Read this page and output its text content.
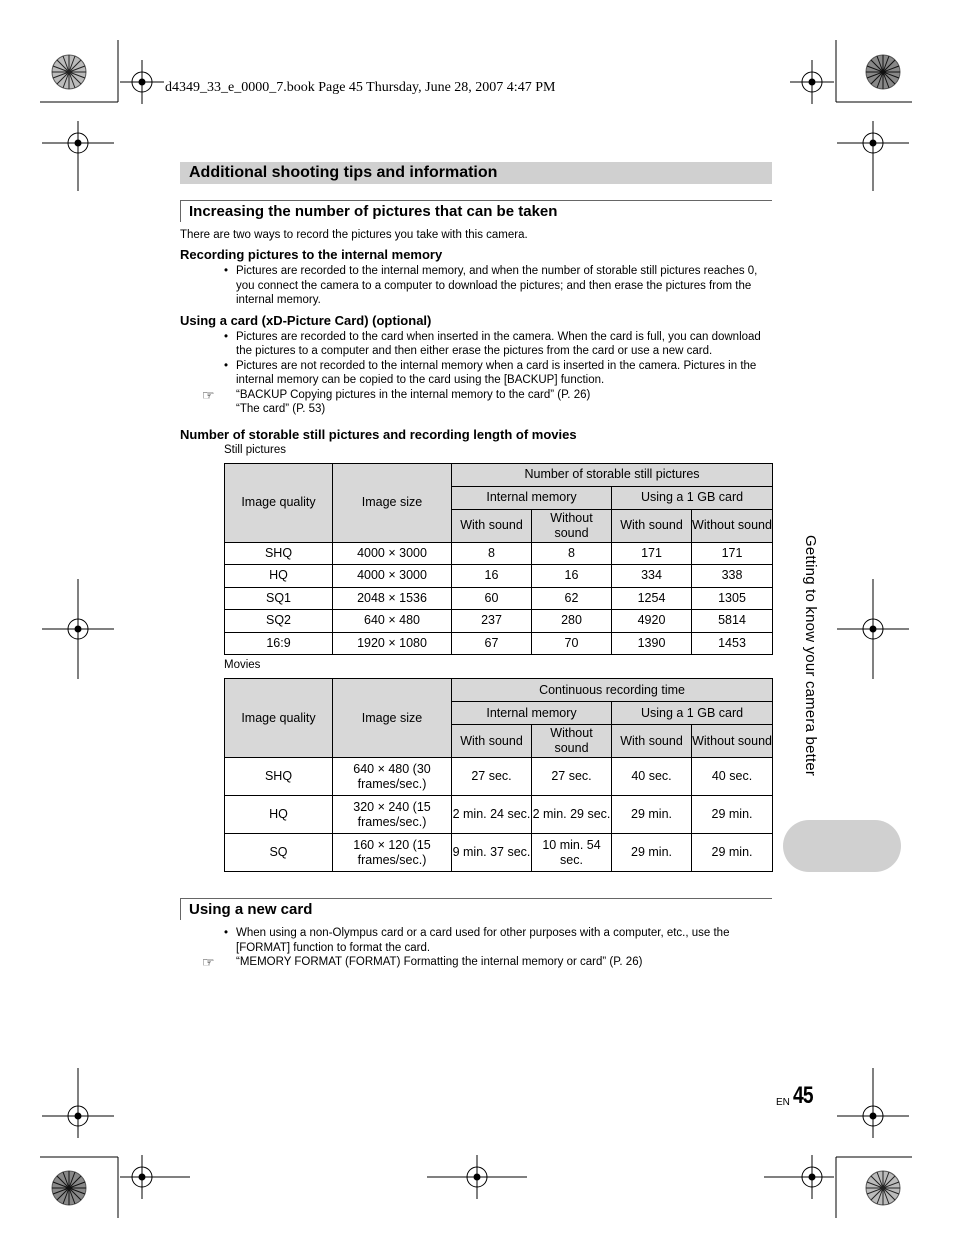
d4349_33_e_0000_7.book Page 45 Thursday, June 28, 2007 4:47 PM
Additional shooting tips and information
Increasing the number of pictures that can be taken

There are two ways to record the pictures you take with this camera.

Recording pictures to the internal memory
• Pictures are recorded to the internal memory, and when the number of storable still pictures reaches 0, you connect the camera to a computer to download the pictures; and then erase the pictures from the internal memory.
Using a card (xD-Picture Card) (optional)
• Pictures are recorded to the card when inserted in the camera. When the card is full, you can download the pictures to a computer and then either erase the pictures from the card or use a new card.
• Pictures are not recorded to the internal memory when a card is inserted in the camera. Pictures in the internal memory can be copied to the card using the [BACKUP] function.
☞ “BACKUP Copying pictures in the internal memory to the card” (P. 26)
“The card” (P. 53)
Number of storable still pictures and recording length of movies
Still pictures
Image quality	Image size	Number of storable still pictures			
		Internal memory		Using a 1 GB card	
		With sound	Without sound	With sound	Without sound
SHQ	4000 × 3000	8	8	171	171
HQ	4000 × 3000	16	16	334	338
SQ1	2048 × 1536	60	62	1254	1305
SQ2	640 × 480	237	280	4920	5814
16:9	1920 × 1080	67	70	1390	1453
Movies
Image quality	Image size	Continuous recording time			
		Internal memory		Using a 1 GB card	
		With sound	Without sound	With sound	Without sound
SHQ	640 × 480 (30 frames/sec.)	27 sec.	27 sec.	40 sec.	40 sec.
HQ	320 × 240 (15 frames/sec.)	2 min. 24 sec.	2 min. 29 sec.	29 min.	29 min.
SQ	160 × 120 (15 frames/sec.)	9 min. 37 sec.	10 min. 54 sec.	29 min.	29 min.
Using a new card
• When using a non-Olympus card or a card used for other purposes with a computer, etc., use the [FORMAT] function to format the card.
☞ “MEMORY FORMAT (FORMAT) Formatting the internal memory or card” (P. 26)
Getting to know your camera better
EN 45
